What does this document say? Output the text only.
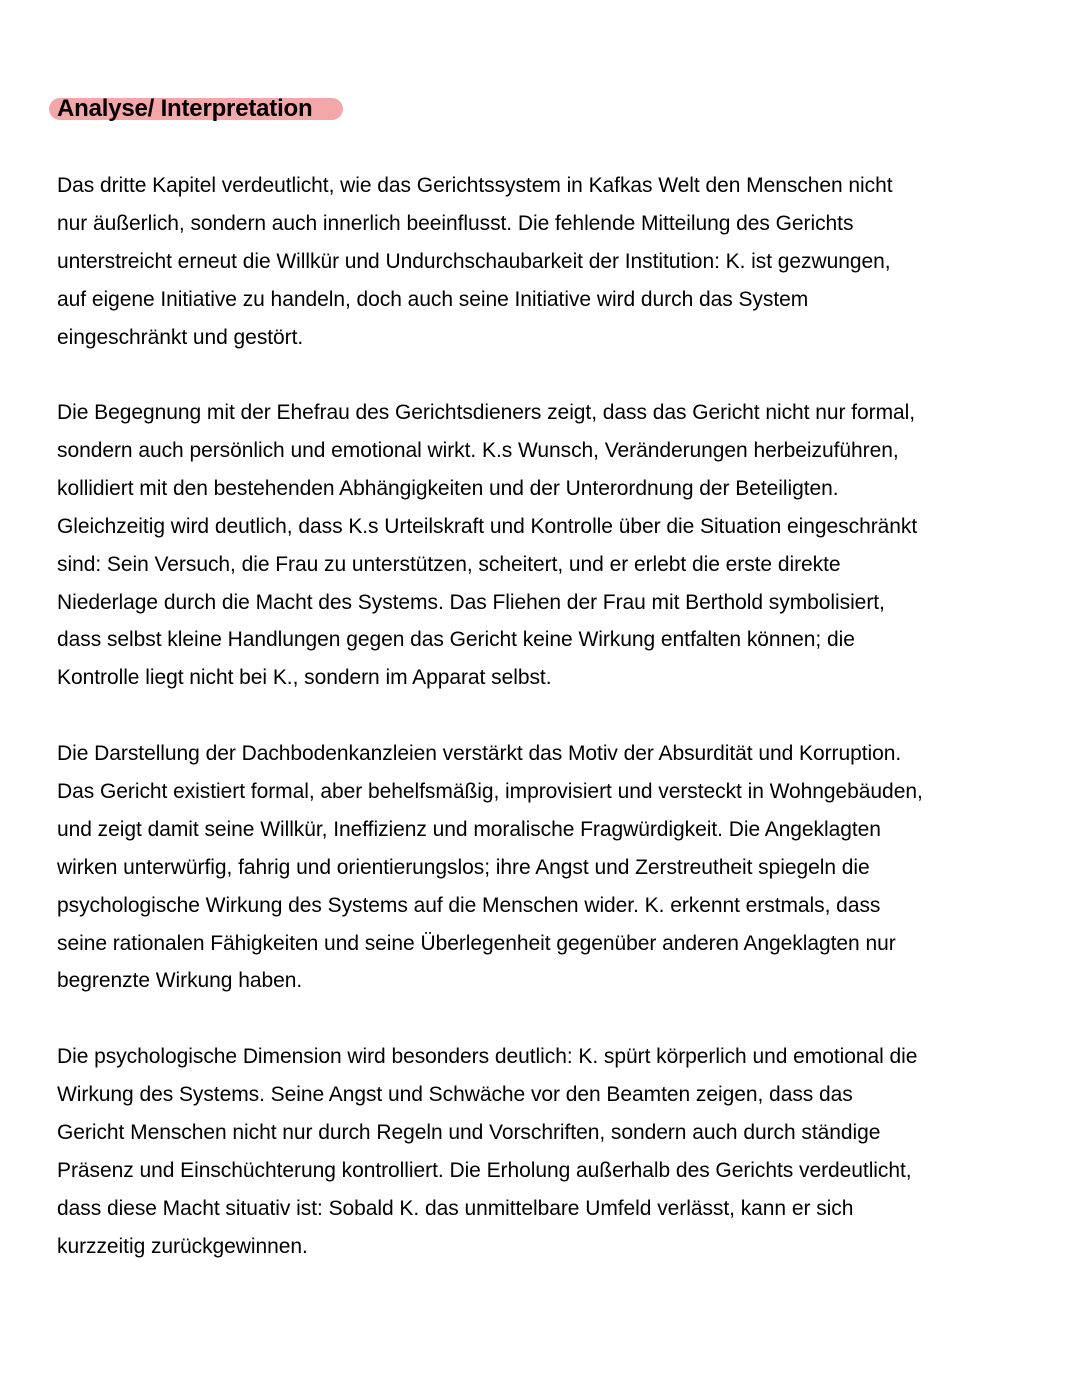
Analyse/ Interpretation
Das dritte Kapitel verdeutlicht, wie das Gerichtssystem in Kafkas Welt den Menschen nicht
nur äußerlich, sondern auch innerlich beeinflusst. Die fehlende Mitteilung des Gerichts
unterstreicht erneut die Willkür und Undurchschaubarkeit der Institution: K. ist gezwungen,
auf eigene Initiative zu handeln, doch auch seine Initiative wird durch das System
eingeschränkt und gestört.
Die Begegnung mit der Ehefrau des Gerichtsdieners zeigt, dass das Gericht nicht nur formal,
sondern auch persönlich und emotional wirkt. K.s Wunsch, Veränderungen herbeizuführen,
kollidiert mit den bestehenden Abhängigkeiten und der Unterordnung der Beteiligten.
Gleichzeitig wird deutlich, dass K.s Urteilskraft und Kontrolle über die Situation eingeschränkt
sind: Sein Versuch, die Frau zu unterstützen, scheitert, und er erlebt die erste direkte
Niederlage durch die Macht des Systems. Das Fliehen der Frau mit Berthold symbolisiert,
dass selbst kleine Handlungen gegen das Gericht keine Wirkung entfalten können; die
Kontrolle liegt nicht bei K., sondern im Apparat selbst.
Die Darstellung der Dachbodenkanzleien verstärkt das Motiv der Absurdität und Korruption.
Das Gericht existiert formal, aber behelfsmäßig, improvisiert und versteckt in Wohngebäuden,
und zeigt damit seine Willkür, Ineffizienz und moralische Fragwürdigkeit. Die Angeklagten
wirken unterwürfig, fahrig und orientierungslos; ihre Angst und Zerstreutheit spiegeln die
psychologische Wirkung des Systems auf die Menschen wider. K. erkennt erstmals, dass
seine rationalen Fähigkeiten und seine Überlegenheit gegenüber anderen Angeklagten nur
begrenzte Wirkung haben.
Die psychologische Dimension wird besonders deutlich: K. spürt körperlich und emotional die
Wirkung des Systems. Seine Angst und Schwäche vor den Beamten zeigen, dass das
Gericht Menschen nicht nur durch Regeln und Vorschriften, sondern auch durch ständige
Präsenz und Einschüchterung kontrolliert. Die Erholung außerhalb des Gerichts verdeutlicht,
dass diese Macht situativ ist: Sobald K. das unmittelbare Umfeld verlässt, kann er sich
kurzzeitig zurückgewinnen.
